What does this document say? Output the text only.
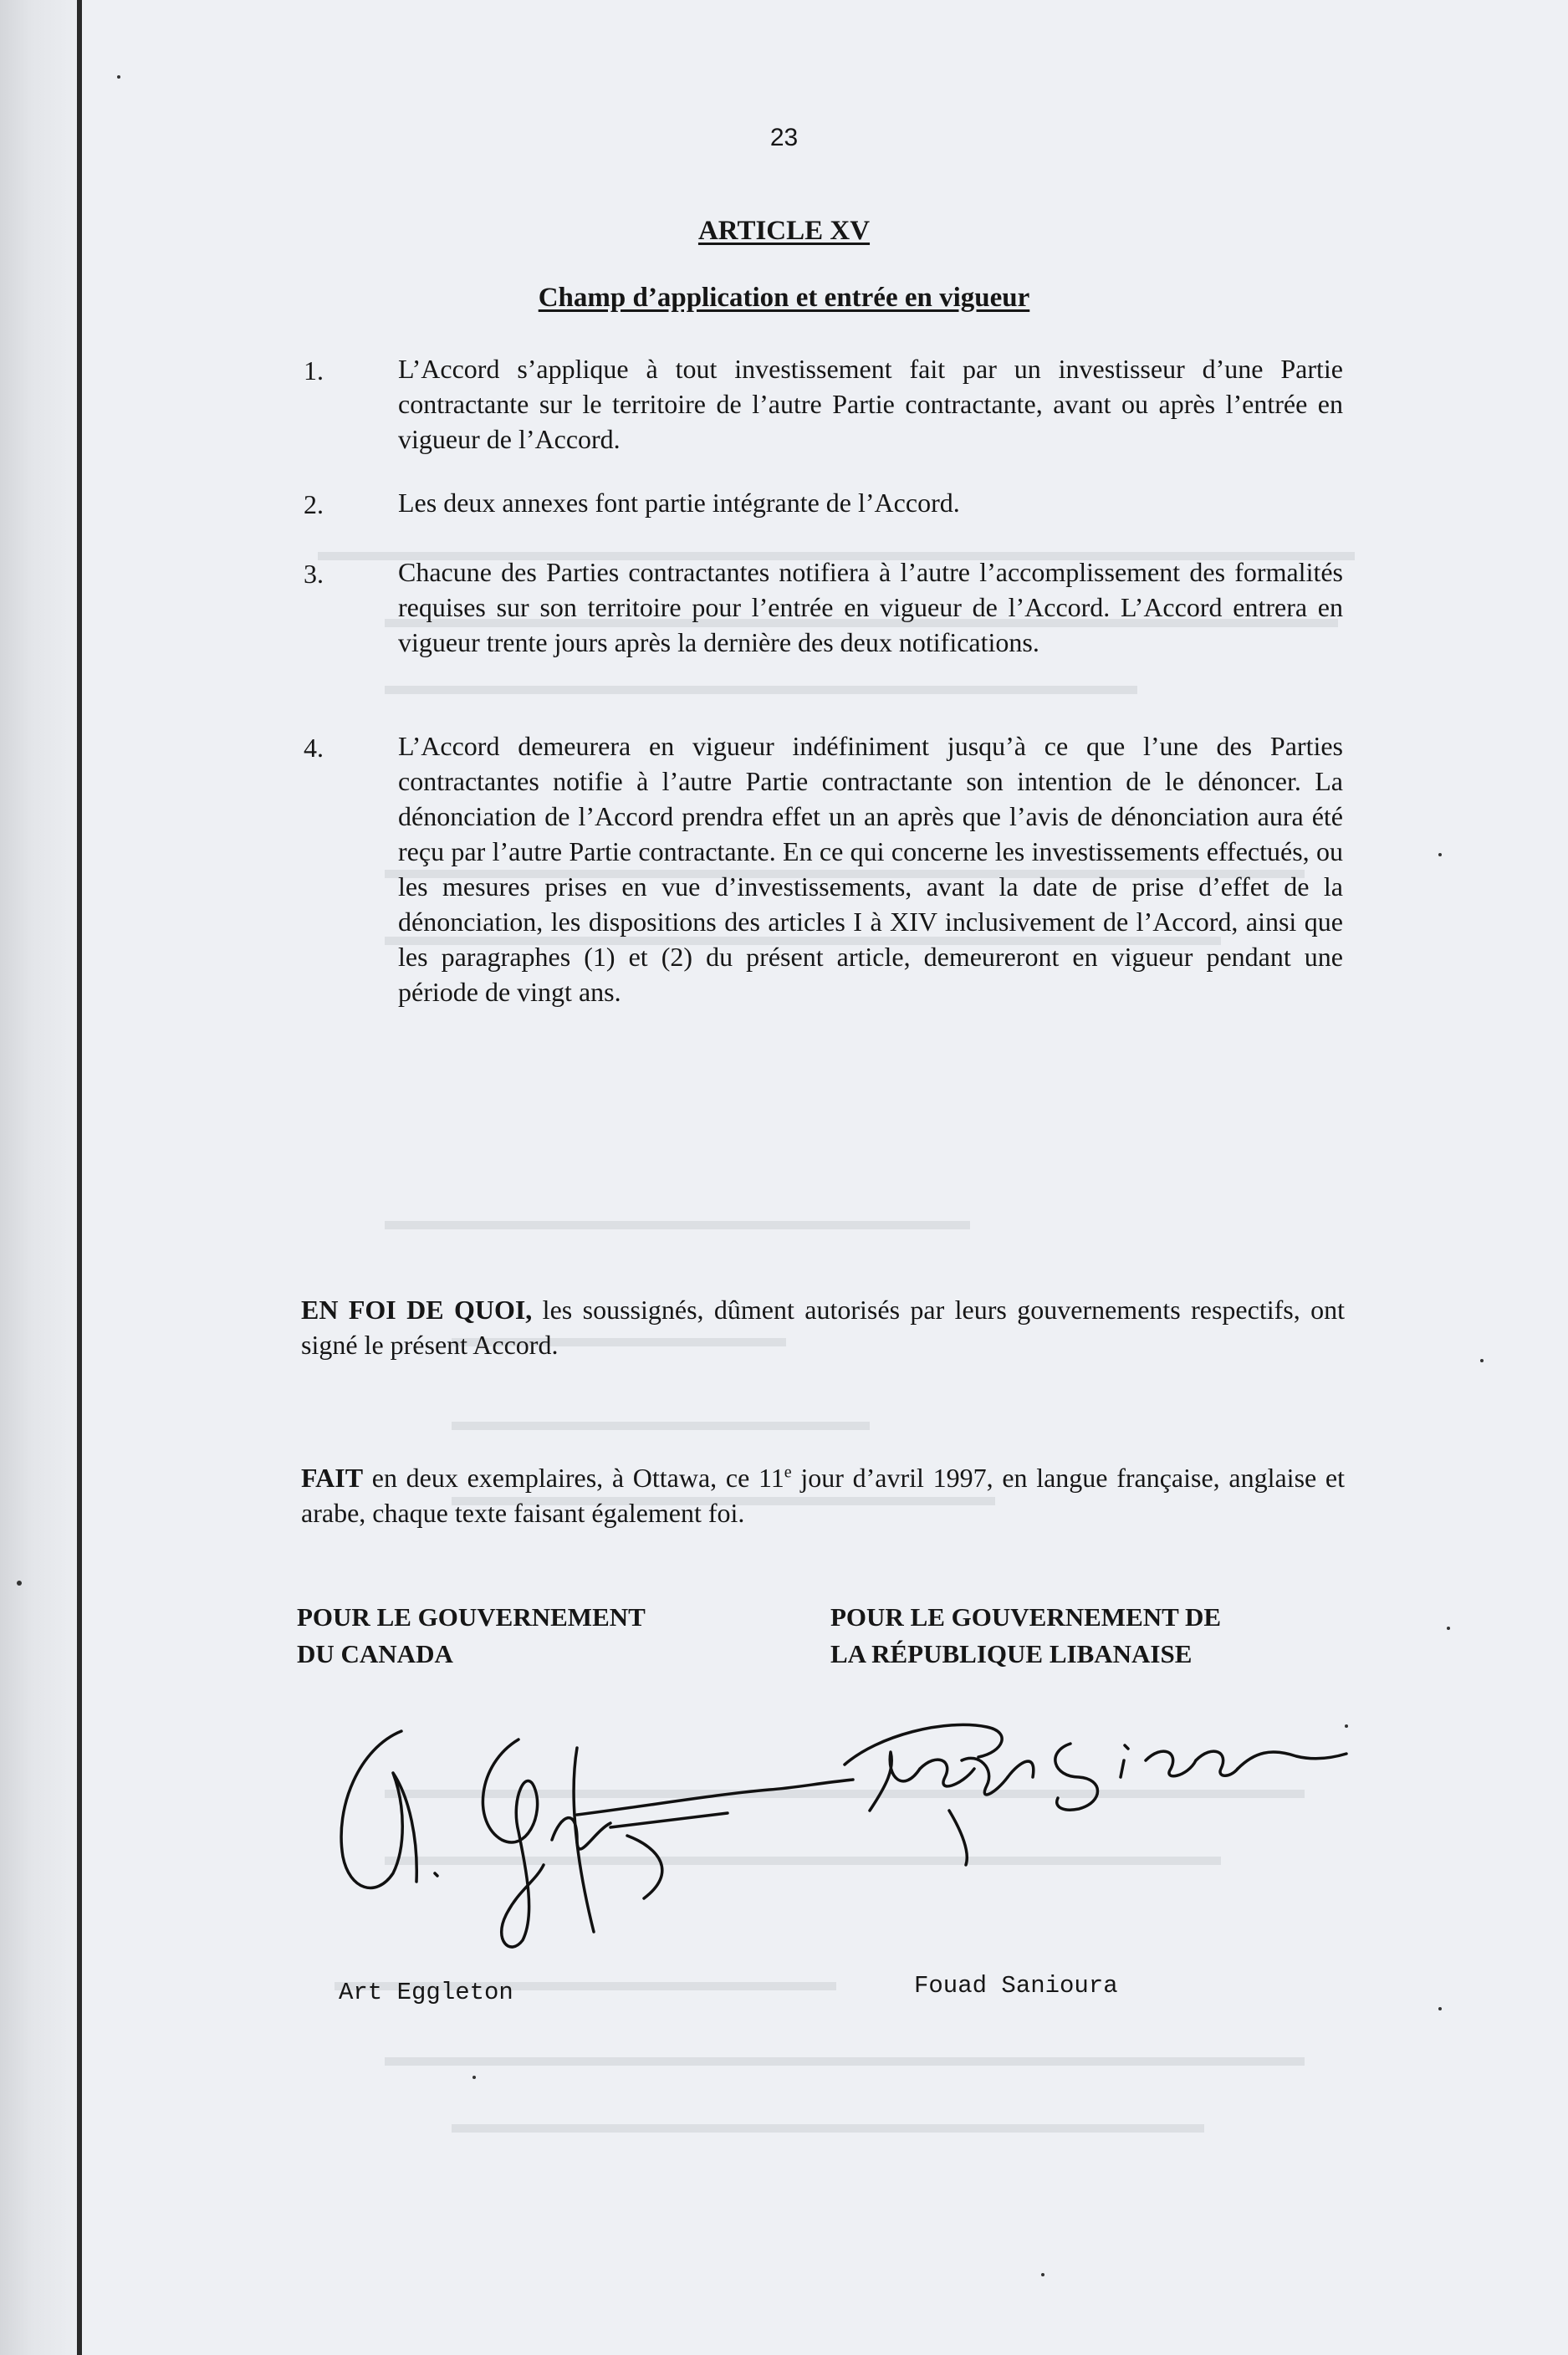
23
ARTICLE XV
Champ d’application et entrée en vigueur
1.	L’Accord s’applique à tout investissement fait par un investisseur d’une Partie contractante sur le territoire de l’autre Partie contractante, avant ou après l’entrée en vigueur de l’Accord.
2.	Les deux annexes font partie intégrante de l’Accord.
3.	Chacune des Parties contractantes notifiera à l’autre l’accomplissement des formalités requises sur son territoire pour l’entrée en vigueur de l’Accord. L’Accord entrera en vigueur trente jours après la dernière des deux notifications.
4.	L’Accord demeurera en vigueur indéfiniment jusqu’à ce que l’une des Parties contractantes notifie à l’autre Partie contractante son intention de le dénoncer. La dénonciation de l’Accord prendra effet un an après que l’avis de dénonciation aura été reçu par l’autre Partie contractante. En ce qui concerne les investissements effectués, ou les mesures prises en vue d’investissements, avant la date de prise d’effet de la dénonciation, les dispositions des articles I à XIV inclusivement de l’Accord, ainsi que les paragraphes (1) et (2) du présent article, demeureront en vigueur pendant une période de vingt ans.
EN FOI DE QUOI, les soussignés, dûment autorisés par leurs gouvernements respectifs, ont signé le présent Accord.
FAIT en deux exemplaires, à Ottawa, ce 11e jour d’avril 1997, en langue française, anglaise et arabe, chaque texte faisant également foi.
POUR LE GOUVERNEMENT
DU CANADA
POUR LE GOUVERNEMENT DE
LA RÉPUBLIQUE LIBANAISE
Art Eggleton	Fouad Sanioura
